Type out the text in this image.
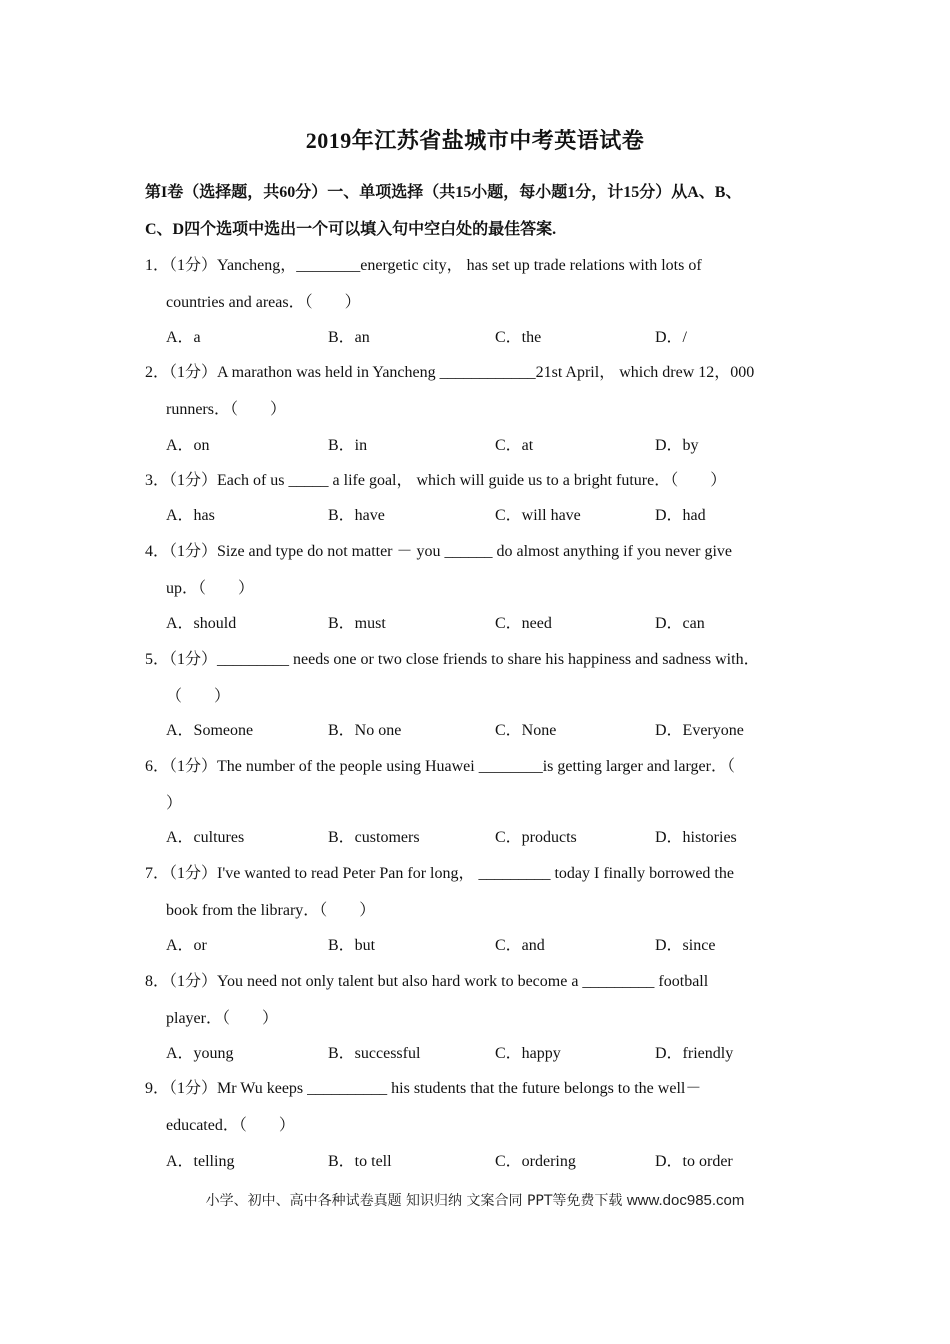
2019年江苏省盐城市中考英语试卷
第I卷（选择题，共60分）一、单项选择（共15小题，每小题1分，计15分）从A、B、
C、D四个选项中选出一个可以填入句中空白处的最佳答案.
1．（1分）Yancheng，________energetic city， has set up trade relations with lots of
countries and areas．（　　）
A．a	B．an	C．the	D．/
2．（1分）A marathon was held in Yancheng ____________21st April， which drew 12，000
runners．（　　）
A．on	B．in	C．at	D．by
3．（1分）Each of us _____ a life goal， which will guide us to a bright future．（　　）
A．has	B．have	C．will have	D．had
4．（1分）Size and type do not matter － you ______ do almost anything if you never give
up．（　　）
A．should	B．must	C．need	D．can
5．（1分）_________ needs one or two close friends to share his happiness and sadness with．
（　　）
A．Someone	B．No one	C．None	D．Everyone
6．（1分）The number of the people using Huawei ________is getting larger and larger．（
）
A．cultures	B．customers	C．products	D．histories
7．（1分）I've wanted to read Peter Pan for long， _________ today I finally borrowed the
book from the library．（　　）
A．or	B．but	C．and	D．since
8．（1分）You need not only talent but also hard work to become a _________ football
player．（　　）
A．young	B．successful	C．happy	D．friendly
9．（1分）Mr Wu keeps __________ his students that the future belongs to the well－
educated．（　　）
A．telling	B．to tell	C．ordering	D．to order
小学、初中、高中各种试卷真题 知识归纳 文案合同 PPT等免费下载 www.doc985.com
